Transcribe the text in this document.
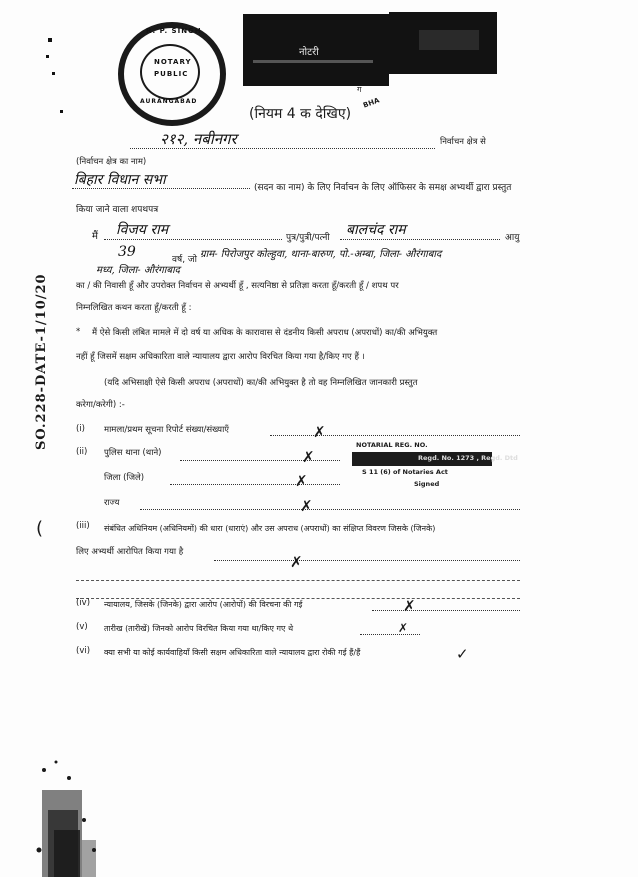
R. P. SINGH
NOTARY
PUBLIC
AURANGABAD
नोटरी
ग
BHA
SO.228-DATE-1/10/20
(
(नियम 4 क देखिए)
२१२, नबीनगर	निर्वाचन क्षेत्र से
(निर्वाचन क्षेत्र का नाम)
बिहार विधान सभा	(सदन का नाम) के लिए निर्वाचन के लिए ऑफिसर के समक्ष अभ्यर्थी द्वारा प्रस्तुत
किया जाने वाला शपथपत्र
मैं विजय राम	पुत्र/पुत्री/पत्नी बालचंद राम	आयु
39	वर्ष, जो ग्राम- पिरोजपुर कोल्हुवा, थाना-बारुण, पो.-अम्बा, जिला- औरंगाबाद
मध्य, जिला- औरंगाबाद
का / की निवासी हूँ और उपरोक्त निर्वाचन से अभ्यर्थी हूँ , सत्यनिष्ठा से प्रतिज्ञा करता हूँ/करती हूँ / शपथ पर
निम्नलिखित कथन करता हूँ/करती हूँ :
* मैं ऐसे किसी लंबित मामले में दो वर्ष या अधिक के कारावास से दंडनीय किसी अपराध (अपराधों) का/की अभियुक्त
नहीं हूँ जिसमें सक्षम अधिकारिता वाले न्यायालय द्वारा आरोप विरचित किया गया है/किए गए हैं ।
(यदि अभिसाक्षी ऐसे किसी अपराध (अपराधों) का/की अभियुक्त है तो वह निम्नलिखित जानकारी प्रस्तुत
करेगा/करेगी) :-
(i) मामला/प्रथम सूचना रिपोर्ट संख्या/संख्याएँ	✗
(ii) पुलिस थाना (थाने)	✗
जिला (जिले)	✗
राज्य	✗
NOTARIAL REG. NO.
Regd. No. 1273 , Regd. Dtd
S 11 (6) of Notaries Act
Signed
(iii) संबंधित अधिनियम (अधिनियमों) की धारा (धाराएं) और उस अपराध (अपराधों) का संक्षिप्त विवरण जिसके (जिनके)
लिए अभ्यर्थी आरोपित किया गया है
✗
(iv) न्यायालय, जिसके (जिनके) द्वारा आरोप (आरोपों) की विरचना की गई	✗
(v) तारीख (तारीखें) जिनको आरोप विरचित किया गया था/किए गए थे	✗
(vi) क्या सभी या कोई कार्यवाहियाँ किसी सक्षम अधिकारिता वाले न्यायालय द्वारा रोकी गई हैं/हैं	✓
